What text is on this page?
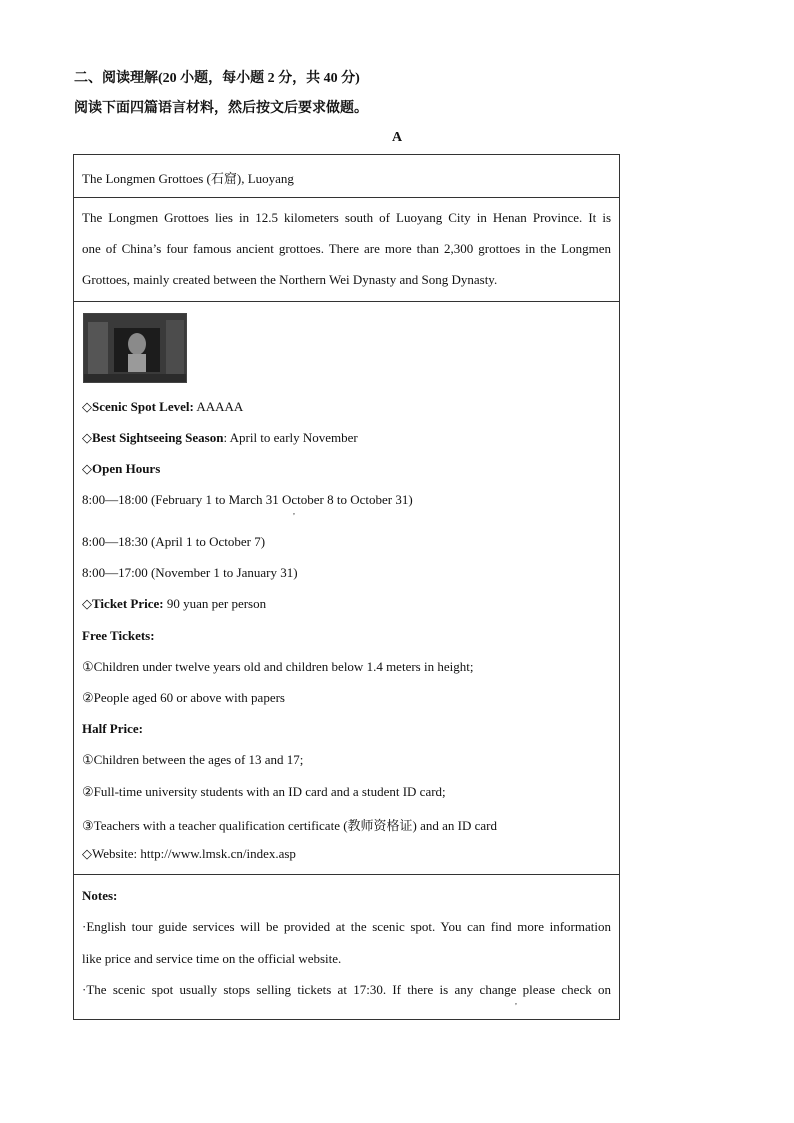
二、阅读理解(20 小题，每小题 2 分，共 40 分)
阅读下面四篇语言材料，然后按文后要求做题。
A
The Longmen Grottoes (石窟), Luoyang
The Longmen Grottoes lies in 12.5 kilometers south of Luoyang City in Henan Province. It is
one of China’s four famous ancient grottoes. There are more than 2,300 grottoes in the Longmen
Grottoes, mainly created between the Northern Wei Dynasty and Song Dynasty.
◇Scenic Spot Level: AAAAA
◇Best Sightseeing Season: April to early November
◇Open Hours
8:00—18:00 (February 1 to March 31 October 8 to October 31)
,
8:00—18:30 (April 1 to October 7)
8:00—17:00 (November 1 to January 31)
◇Ticket Price: 90 yuan per person
Free Tickets:
①Children under twelve years old and children below 1.4 meters in height;
②People aged 60 or above with papers
Half Price:
①Children between the ages of 13 and 17;
②Full-time university students with an ID card and a student ID card;
③Teachers with a teacher qualification certificate (教师资格证) and an ID card
◇Website: http://www.lmsk.cn/index.asp
Notes:
·English tour guide services will be provided at the scenic spot. You can find more information
like price and service time on the official website.
·The scenic spot usually stops selling tickets at 17:30. If there is any change please check on
,
